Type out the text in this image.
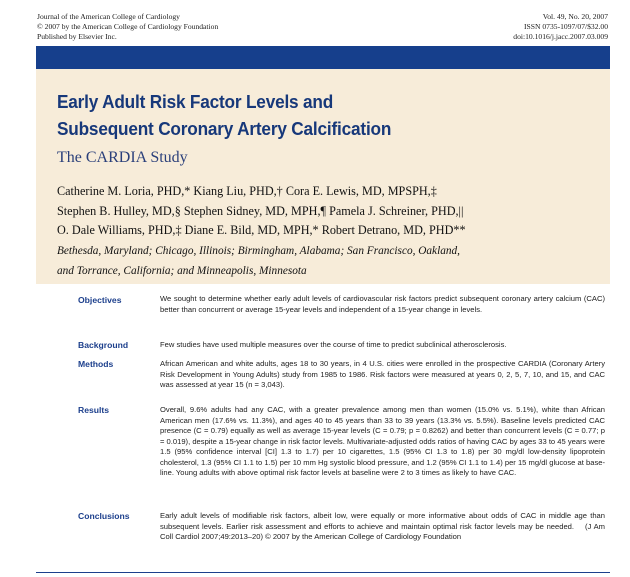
Journal of the American College of Cardiology
© 2007 by the American College of Cardiology Foundation
Published by Elsevier Inc.
Vol. 49, No. 20, 2007
ISSN 0735-1097/07/$32.00
doi:10.1016/j.jacc.2007.03.009
Early Adult Risk Factor Levels and
Subsequent Coronary Artery Calcification
The CARDIA Study
Catherine M. Loria, PHD,* Kiang Liu, PHD,† Cora E. Lewis, MD, MPSPH,‡
Stephen B. Hulley, MD,§ Stephen Sidney, MD, MPH,¶ Pamela J. Schreiner, PHD,||
O. Dale Williams, PHD,‡ Diane E. Bild, MD, MPH,* Robert Detrano, MD, PHD**
Bethesda, Maryland; Chicago, Illinois; Birmingham, Alabama; San Francisco, Oakland,
and Torrance, California; and Minneapolis, Minnesota
Objectives	We sought to determine whether early adult levels of cardiovascular risk factors predict subsequent coronary artery calcium (CAC) better than concurrent or average 15-year levels and independent of a 15-year change in levels.
Background	Few studies have used multiple measures over the course of time to predict subclinical atherosclerosis.
Methods	African American and white adults, ages 18 to 30 years, in 4 U.S. cities were enrolled in the prospective CARDIA (Coronary Artery Risk Development in Young Adults) study from 1985 to 1986. Risk factors were measured at years 0, 2, 5, 7, 10, and 15, and CAC was assessed at year 15 (n = 3,043).
Results	Overall, 9.6% adults had any CAC, with a greater prevalence among men than women (15.0% vs. 5.1%), white than African American men (17.6% vs. 11.3%), and ages 40 to 45 years than 33 to 39 years (13.3% vs. 5.5%). Baseline levels predicted CAC presence (C = 0.79) equally as well as average 15-year levels (C = 0.79; p = 0.8262) and better than concurrent levels (C = 0.77; p = 0.019), despite a 15-year change in risk factor levels. Multivariate-adjusted odds ratios of having CAC by ages 33 to 45 years were 1.5 (95% confidence interval [CI] 1.3 to 1.7) per 10 cigarettes, 1.5 (95% CI 1.3 to 1.8) per 30 mg/dl low-density lipoprotein cholesterol, 1.3 (95% CI 1.1 to 1.5) per 10 mm Hg systolic blood pressure, and 1.2 (95% CI 1.1 to 1.4) per 15 mg/dl glucose at base-line. Young adults with above optimal risk factor levels at baseline were 2 to 3 times as likely to have CAC.
Conclusions	Early adult levels of modifiable risk factors, albeit low, were equally or more informative about odds of CAC in middle age than subsequent levels. Earlier risk assessment and efforts to achieve and maintain optimal risk factor levels may be needed.    (J Am Coll Cardiol 2007;49:2013–20) © 2007 by the American College of Cardiology Foundation
